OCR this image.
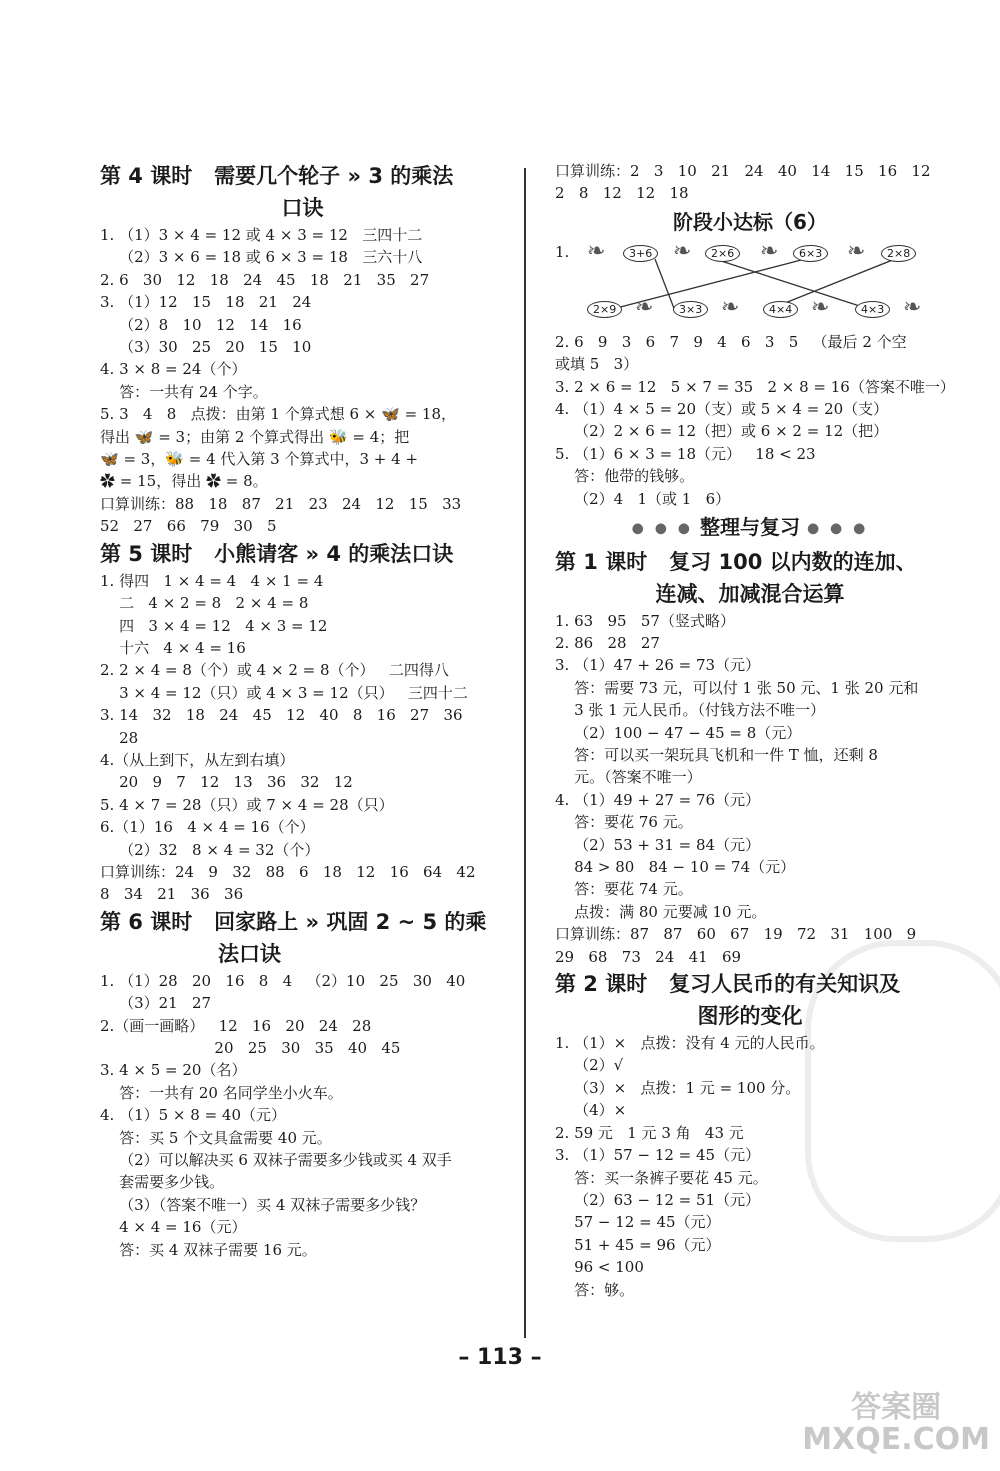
第 4 课时   需要几个轮子 » 3 的乘法
口诀
1. （1）3 × 4 = 12 或 4 × 3 = 12   三四十二
（2）3 × 6 = 18 或 6 × 3 = 18   三六十八
2. 6   30   12   18   24   45   18   21   35   27
3. （1）12   15   18   21   24
（2）8   10   12   14   16
（3）30   25   20   15   10
4. 3 × 8 = 24（个）
答：一共有 24 个字。
5. 3   4   8   点拨：由第 1 个算式想 6 × 🦋 = 18，
得出 🦋 = 3；由第 2 个算式得出 🐝 = 4；把
🦋 = 3，🐝 = 4 代入第 3 个算式中，3 + 4 +
✿ = 15，得出 ✿ = 8。
口算训练：88   18   87   21   23   24   12   15   33
52   27   66   79   30   5
第 5 课时   小熊请客 » 4 的乘法口诀
1. 得四   1 × 4 = 4   4 × 1 = 4
二   4 × 2 = 8   2 × 4 = 8
四   3 × 4 = 12   4 × 3 = 12
十六   4 × 4 = 16
2. 2 × 4 = 8（个）或 4 × 2 = 8（个）   二四得八
3 × 4 = 12（只）或 4 × 3 = 12（只）   三四十二
3. 14   32   18   24   45   12   40   8   16   27   36
28
4.（从上到下，从左到右填）
20   9   7   12   13   36   32   12
5. 4 × 7 = 28（只）或 7 × 4 = 28（只）
6.（1）16   4 × 4 = 16（个）
（2）32   8 × 4 = 32（个）
口算训练：24   9   32   88   6   18   12   16   64   42
8   34   21   36   36
第 6 课时   回家路上 » 巩固 2 ~ 5 的乘
法口诀
1. （1）28   20   16   8   4   （2）10   25   30   40
（3）21   27
2.（画一画略）   12   16   20   24   28
20   25   30   35   40   45
3. 4 × 5 = 20（名）
答：一共有 20 名同学坐小火车。
4. （1）5 × 8 = 40（元）
答：买 5 个文具盒需要 40 元。
（2）可以解决买 6 双袜子需要多少钱或买 4 双手
套需要多少钱。
（3）（答案不唯一）买 4 双袜子需要多少钱？
4 × 4 = 16（元）
答：买 4 双袜子需要 16 元。
口算训练：2   3   10   21   24   40   14   15   16   12
2   8   12   12   18
阶段小达标（6）
1. ❧	3+6 ❧	2×6 ❧	6×3 ❧	2×8
2×9 ❧	3×3 ❧	4×4 ❧	4×3 ❧
2. 6   9   3   6   7   9   4   6   3   5   （最后 2 个空
或填 5   3）
3. 2 × 6 = 12   5 × 7 = 35   2 × 8 = 16（答案不唯一）
4. （1）4 × 5 = 20（支）或 5 × 4 = 20（支）
（2）2 × 6 = 12（把）或 6 × 2 = 12（把）
5. （1）6 × 3 = 18（元）   18 < 23
答：他带的钱够。
（2）4   1（或 1   6）
● ● ● 整理与复习 ● ● ●
第 1 课时   复习 100 以内数的连加、
连减、加减混合运算
1. 63   95   57（竖式略）
2. 86   28   27
3. （1）47 + 26 = 73（元）
答：需要 73 元，可以付 1 张 50 元、1 张 20 元和
3 张 1 元人民币。（付钱方法不唯一）
（2）100 − 47 − 45 = 8（元）
答：可以买一架玩具飞机和一件 T 恤，还剩 8
元。（答案不唯一）
4. （1）49 + 27 = 76（元）
答：要花 76 元。
（2）53 + 31 = 84（元）
84 > 80   84 − 10 = 74（元）
答：要花 74 元。
点拨：满 80 元要减 10 元。
口算训练：87   87   60   67   19   72   31   100   9
29   68   73   24   41   69
第 2 课时   复习人民币的有关知识及
图形的变化
1. （1）×   点拨：没有 4 元的人民币。
（2）√
（3）×   点拨：1 元 = 100 分。
（4）×
2. 59 元   1 元 3 角   43 元
3. （1）57 − 12 = 45（元）
答：买一条裤子要花 45 元。
（2）63 − 12 = 51（元）
57 − 12 = 45（元）
51 + 45 = 96（元）
96 < 100
答：够。
– 113 –
答案圈
MXQE.COM
